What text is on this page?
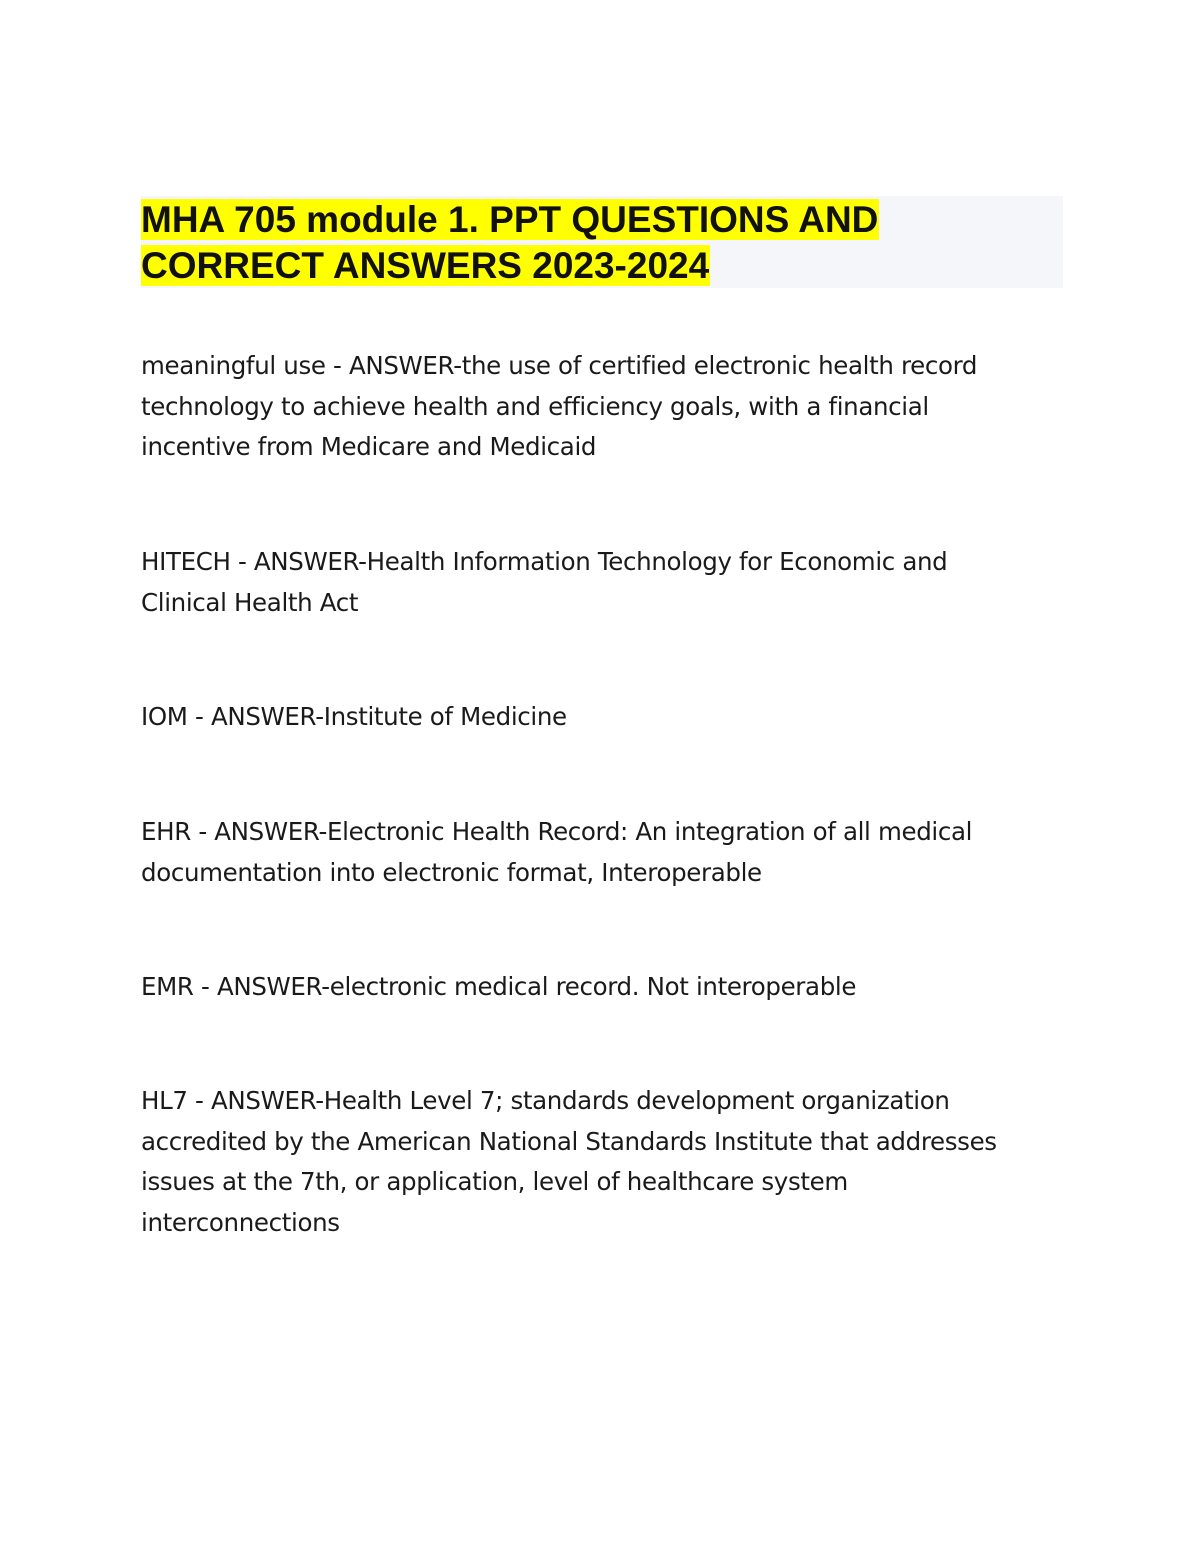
MHA 705 module 1. PPT QUESTIONS AND
CORRECT ANSWERS 2023-2024

meaningful use - ANSWER-the use of certified electronic health record

technology to achieve health and efficiency goals, with a financial

incentive from Medicare and Medicaid

HITECH - ANSWER-Health Information Technology for Economic and

Clinical Health Act

IOM - ANSWER-Institute of Medicine

EHR - ANSWER-Electronic Health Record: An integration of all medical

documentation into electronic format, Interoperable

EMR - ANSWER-electronic medical record. Not interoperable

HL7 - ANSWER-Health Level 7; standards development organization

accredited by the American National Standards Institute that addresses

issues at the 7th, or application, level of healthcare system

interconnections
